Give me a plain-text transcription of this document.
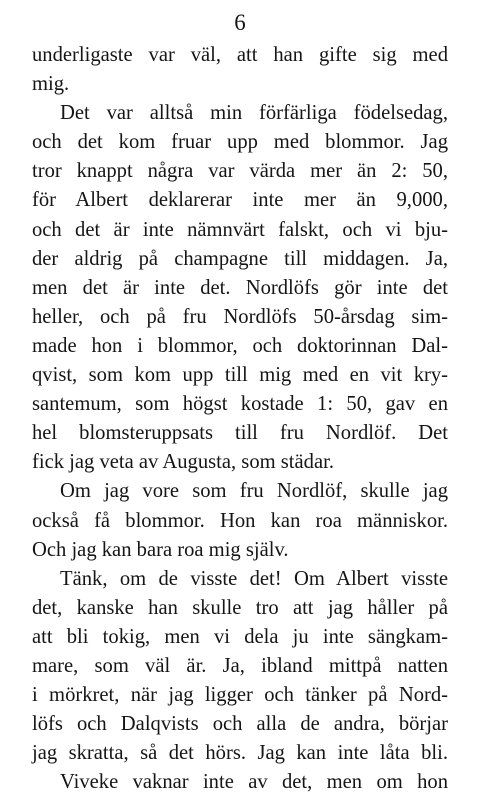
6
underligaste var väl, att han gifte sig med
mig.
Det var alltså min förfärliga födelsedag,
och det kom fruar upp med blommor. Jag
tror knappt några var värda mer än 2: 50,
för Albert deklarerar inte mer än 9,000,
och det är inte nämnvärt falskt, och vi bju-
der aldrig på champagne till middagen. Ja,
men det är inte det. Nordlöfs gör inte det
heller, och på fru Nordlöfs 50-årsdag sim-
made hon i blommor, och doktorinnan Dal-
qvist, som kom upp till mig med en vit kry-
santemum, som högst kostade 1: 50, gav en
hel blomsteruppsats till fru Nordlöf. Det
fick jag veta av Augusta, som städar.
Om jag vore som fru Nordlöf, skulle jag
också få blommor. Hon kan roa människor.
Och jag kan bara roa mig själv.
Tänk, om de visste det! Om Albert visste
det, kanske han skulle tro att jag håller på
att bli tokig, men vi dela ju inte sängkam-
mare, som väl är. Ja, ibland mittpå natten
i mörkret, när jag ligger och tänker på Nord-
löfs och Dalqvists och alla de andra, börjar
jag skratta, så det hörs. Jag kan inte låta bli.
Viveke vaknar inte av det, men om hon
